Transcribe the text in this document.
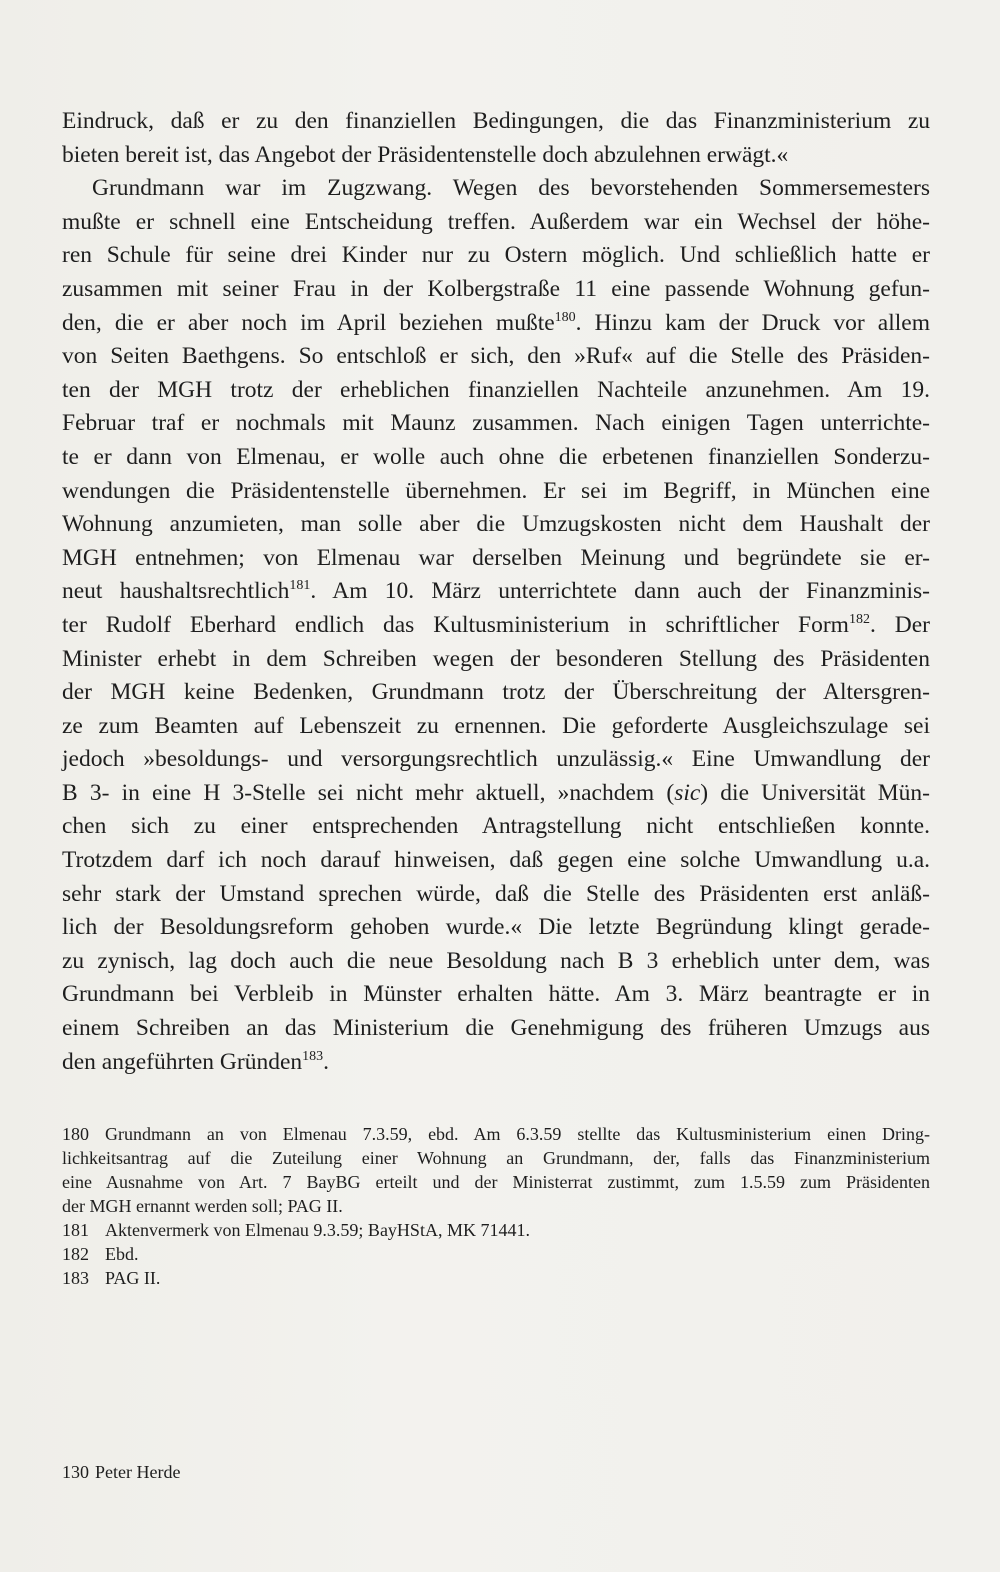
Eindruck, daß er zu den finanziellen Bedingungen, die das Finanzministerium zu
bieten bereit ist, das Angebot der Präsidentenstelle doch abzulehnen erwägt.«
Grundmann war im Zugzwang. Wegen des bevorstehenden Sommersemesters
mußte er schnell eine Entscheidung treffen. Außerdem war ein Wechsel der höhe-
ren Schule für seine drei Kinder nur zu Ostern möglich. Und schließlich hatte er
zusammen mit seiner Frau in der Kolbergstraße 11 eine passende Wohnung gefun-
den, die er aber noch im April beziehen mußte$^{180}$. Hinzu kam der Druck vor allem
von Seiten Baethgens. So entschloß er sich, den »Ruf« auf die Stelle des Präsiden-
ten der MGH trotz der erheblichen finanziellen Nachteile anzunehmen. Am 19.
Februar traf er nochmals mit Maunz zusammen. Nach einigen Tagen unterrichte-
te er dann von Elmenau, er wolle auch ohne die erbetenen finanziellen Sonderzu-
wendungen die Präsidentenstelle übernehmen. Er sei im Begriff, in München eine
Wohnung anzumieten, man solle aber die Umzugskosten nicht dem Haushalt der
MGH entnehmen; von Elmenau war derselben Meinung und begründete sie er-
neut haushaltsrechtlich$^{181}$. Am 10. März unterrichtete dann auch der Finanzminis-
ter Rudolf Eberhard endlich das Kultusministerium in schriftlicher Form$^{182}$. Der
Minister erhebt in dem Schreiben wegen der besonderen Stellung des Präsidenten
der MGH keine Bedenken, Grundmann trotz der Überschreitung der Altersgren-
ze zum Beamten auf Lebenszeit zu ernennen. Die geforderte Ausgleichszulage sei
jedoch »besoldungs- und versorgungsrechtlich unzulässig.« Eine Umwandlung der
B 3- in eine H 3-Stelle sei nicht mehr aktuell, »nachdem (sic) die Universität Mün-
chen sich zu einer entsprechenden Antragstellung nicht entschließen konnte.
Trotzdem darf ich noch darauf hinweisen, daß gegen eine solche Umwandlung u.a.
sehr stark der Umstand sprechen würde, daß die Stelle des Präsidenten erst anläß-
lich der Besoldungsreform gehoben wurde.« Die letzte Begründung klingt gerade-
zu zynisch, lag doch auch die neue Besoldung nach B 3 erheblich unter dem, was
Grundmann bei Verbleib in Münster erhalten hätte. Am 3. März beantragte er in
einem Schreiben an das Ministerium die Genehmigung des früheren Umzugs aus
den angeführten Gründen$^{183}$.
180 Grundmann an von Elmenau 7.3.59, ebd. Am 6.3.59 stellte das Kultusministerium einen Dring-
lichkeitsantrag auf die Zuteilung einer Wohnung an Grundmann, der, falls das Finanzministerium
eine Ausnahme von Art. 7 BayBG erteilt und der Ministerrat zustimmt, zum 1.5.59 zum Präsidenten
der MGH ernannt werden soll; PAG II.
181 Aktenvermerk von Elmenau 9.3.59; BayHStA, MK 71441.
182 Ebd.
183 PAG II.
130 Peter Herde
